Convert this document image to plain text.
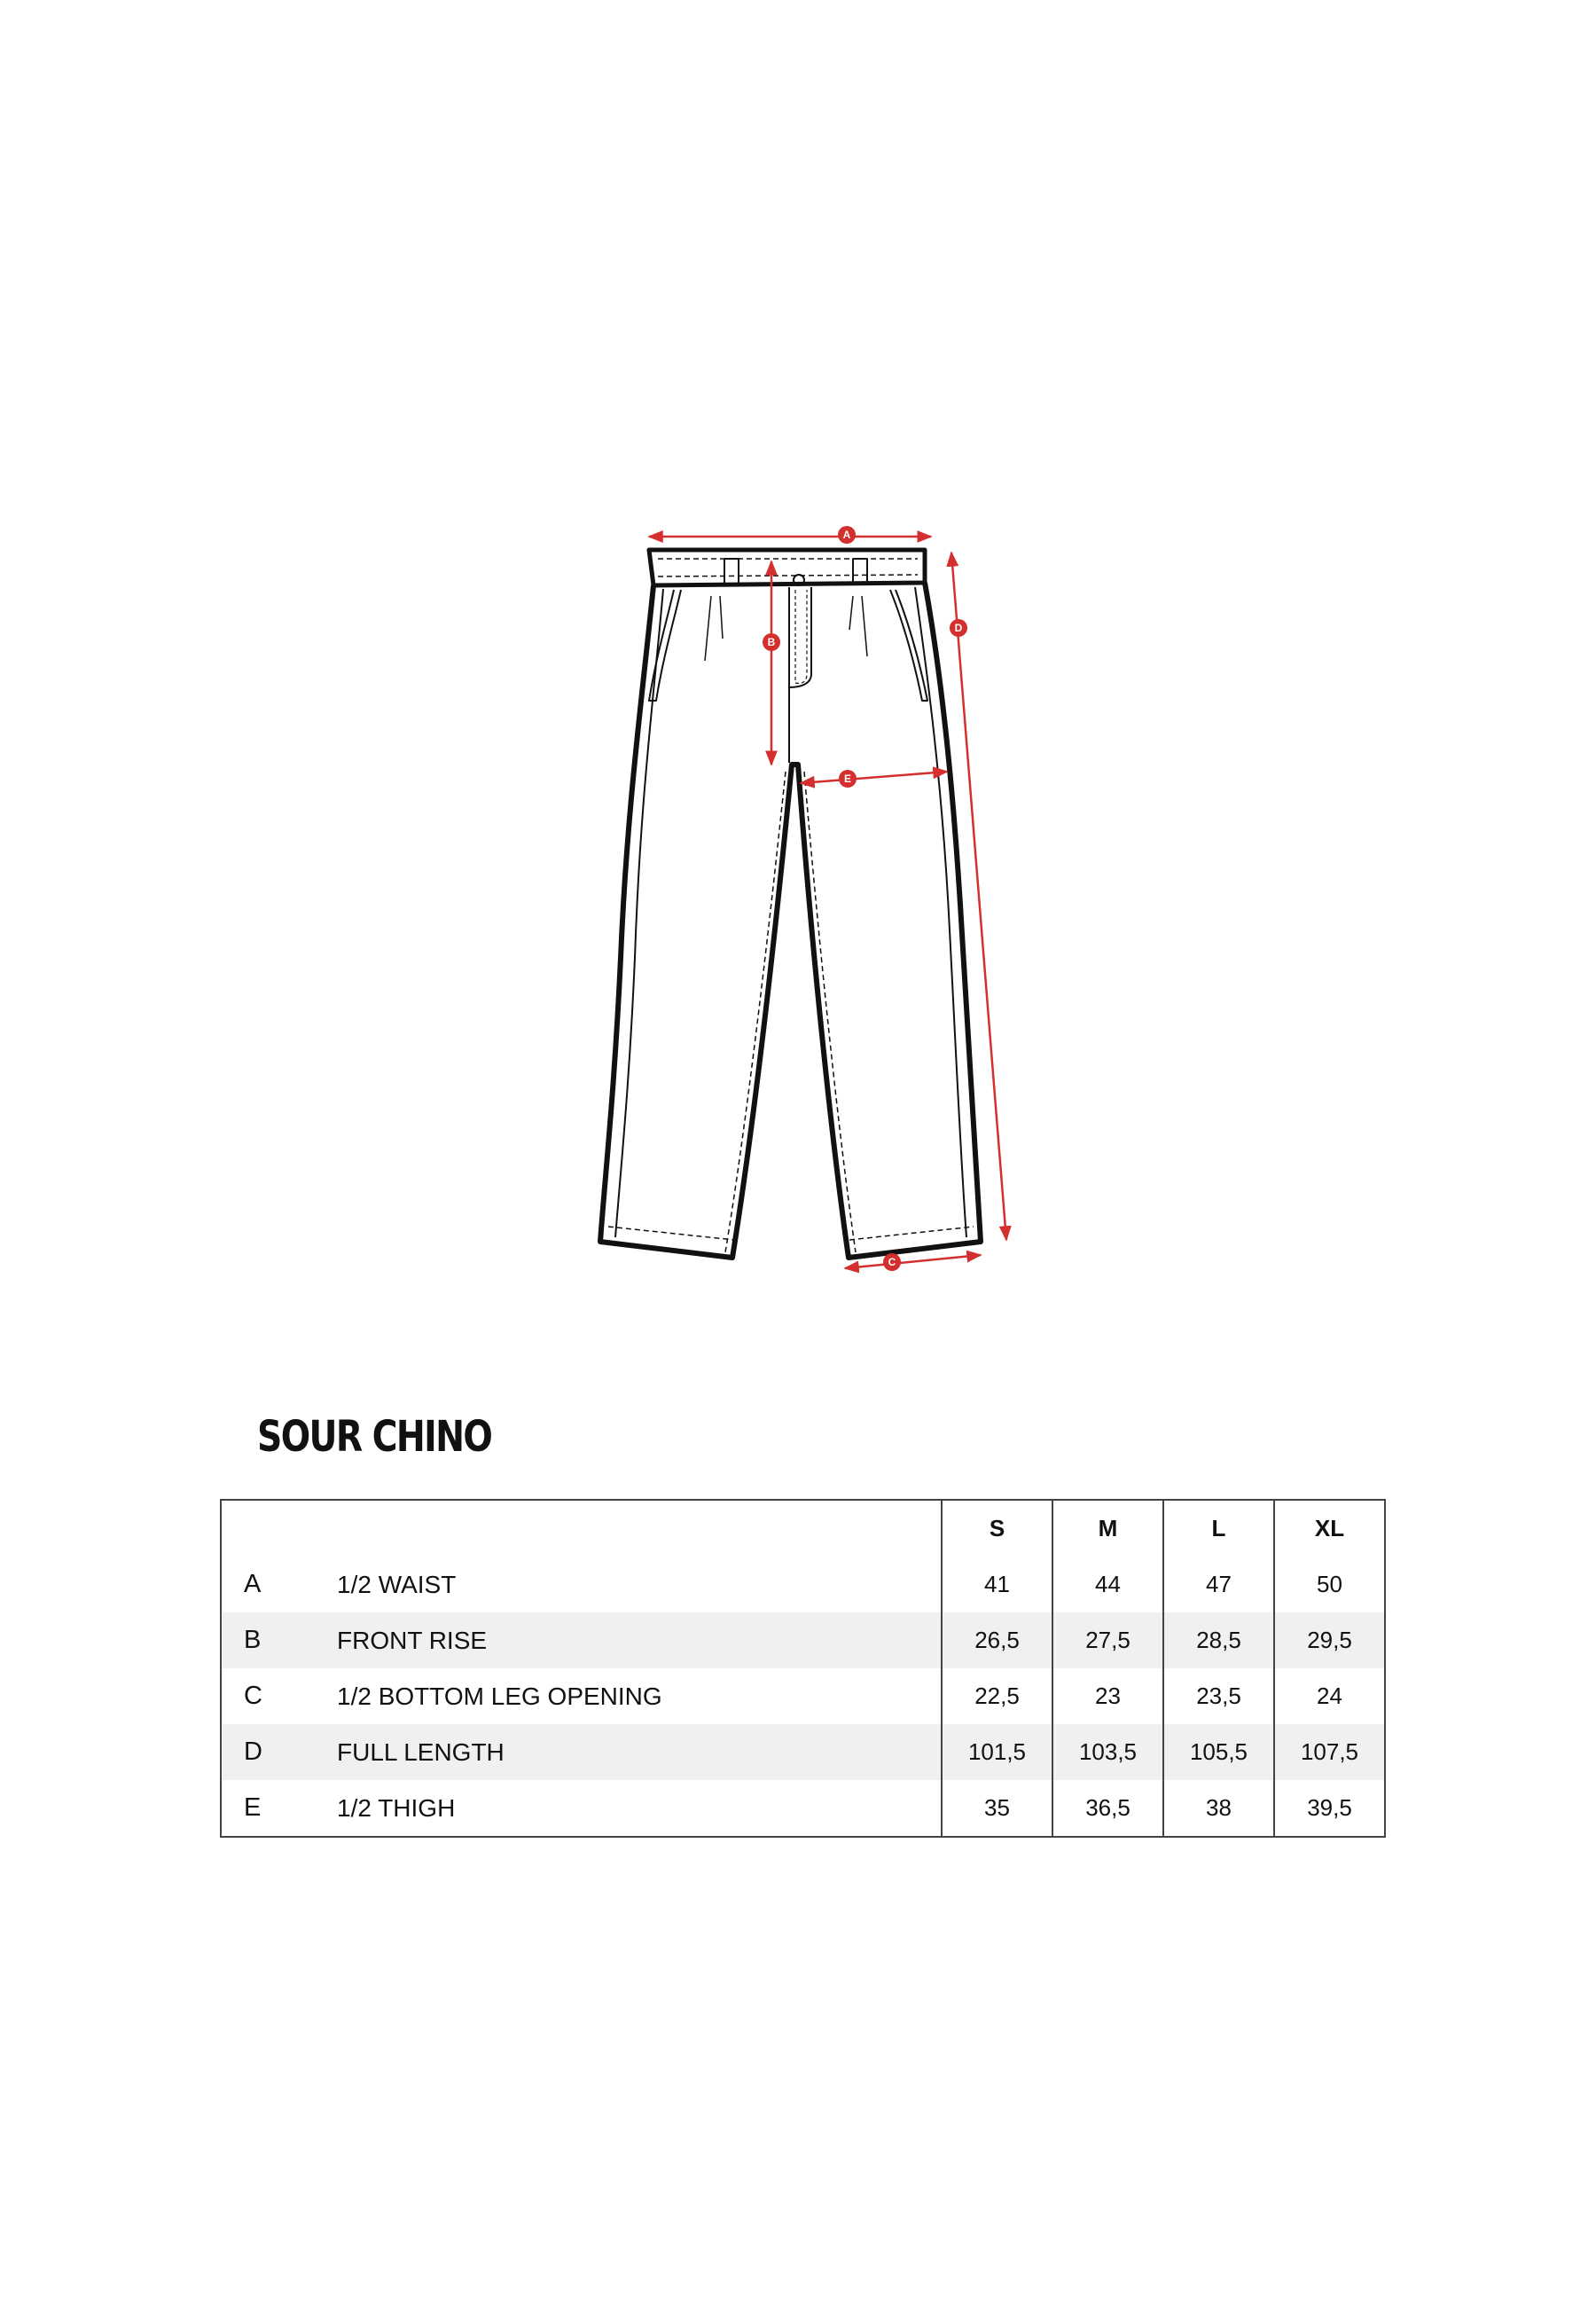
A
B
C
D
E
SOUR CHINO
		S	M	L	XL
A	1/2 WAIST	41	44	47	50
B	FRONT RISE	26,5	27,5	28,5	29,5
C	1/2 BOTTOM LEG OPENING	22,5	23	23,5	24
D	FULL LENGTH	101,5	103,5	105,5	107,5
E	1/2 THIGH	35	36,5	38	39,5
